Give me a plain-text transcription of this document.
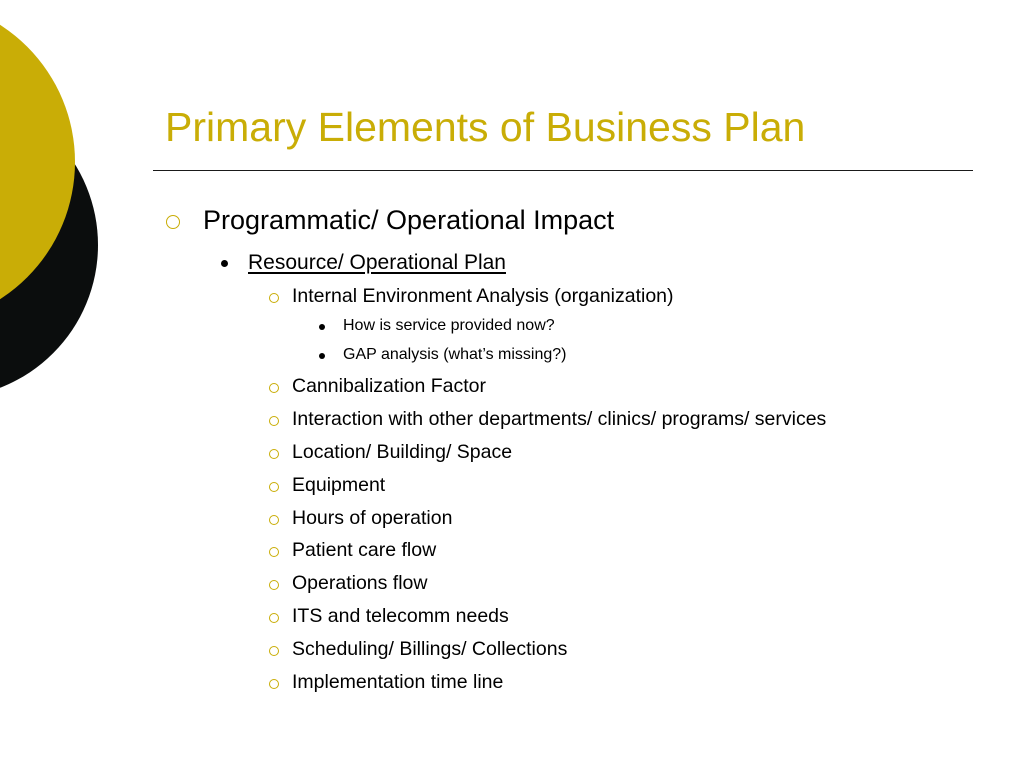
Primary Elements of Business Plan
Programmatic/ Operational Impact
Resource/ Operational Plan
Internal Environment Analysis (organization)
How is service provided now?
GAP analysis (what’s missing?)
Cannibalization Factor
Interaction with other departments/ clinics/ programs/ services
Location/ Building/ Space
Equipment
Hours of operation
Patient care flow
Operations flow
ITS and telecomm needs
Scheduling/ Billings/ Collections
Implementation time line
